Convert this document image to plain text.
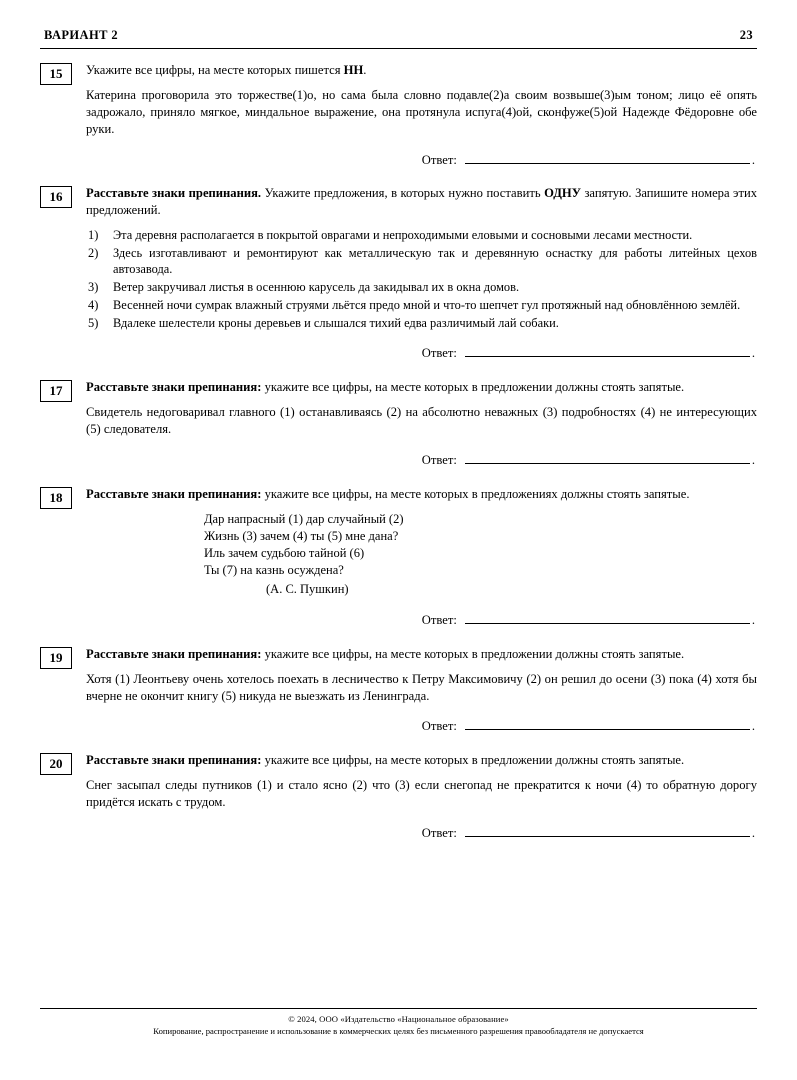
ВАРИАНТ 2	23
15	Укажите все цифры, на месте которых пишется НН.

Катерина проговорила это торжестве(1)о, но сама была словно подавле(2)а своим возвыше(3)ым тоном; лицо её опять задрожало, приняло мягкое, миндальное выражение, она протянула испуга(4)ой, сконфуже(5)ой Надежде Фёдоровне обе руки.

Ответ:	.
16	Расставьте знаки препинания. Укажите предложения, в которых нужно поставить ОДНУ запятую. Запишите номера этих предложений.

1)	Эта деревня располагается в покрытой оврагами и непроходимыми еловыми и сосновыми лесами местности.
2)	Здесь изготавливают и ремонтируют как металлическую так и деревянную оснастку для работы литейных цехов автозавода.
3)	Ветер закручивал листья в осеннюю карусель да закидывал их в окна домов.
4)	Весенней ночи сумрак влажный струями льётся предо мной и что-то шепчет гул протяжный над обновлённою землёй.
5)	Вдалеке шелестели кроны деревьев и слышался тихий едва различимый лай собаки.
Ответ:	.
17	Расставьте знаки препинания: укажите все цифры, на месте которых в предложении должны стоять запятые.

Свидетель недоговаривал главного (1) останавливаясь (2) на абсолютно неважных (3) подробностях (4) не интересующих (5) следователя.

Ответ:	.
18	Расставьте знаки препинания: укажите все цифры, на месте которых в предложениях должны стоять запятые.

Дар напрасный (1) дар случайный (2)
Жизнь (3) зачем (4) ты (5) мне дана?
Иль зачем судьбою тайной (6)
Ты (7) на казнь осуждена?
(А. С. Пушкин)
Ответ:	.
19	Расставьте знаки препинания: укажите все цифры, на месте которых в предложении должны стоять запятые.

Хотя (1) Леонтьеву очень хотелось поехать в лесничество к Петру Максимовичу (2) он решил до осени (3) пока (4) хотя бы вчерне не окончит книгу (5) никуда не выезжать из Ленинграда.

Ответ:	.
20	Расставьте знаки препинания: укажите все цифры, на месте которых в предложении должны стоять запятые.

Снег засыпал следы путников (1) и стало ясно (2) что (3) если снегопад не прекратится к ночи (4) то обратную дорогу придётся искать с трудом.

Ответ:	.
© 2024, ООО «Издательство «Национальное образование»
Копирование, распространение и использование в коммерческих целях без письменного разрешения правообладателя не допускается
